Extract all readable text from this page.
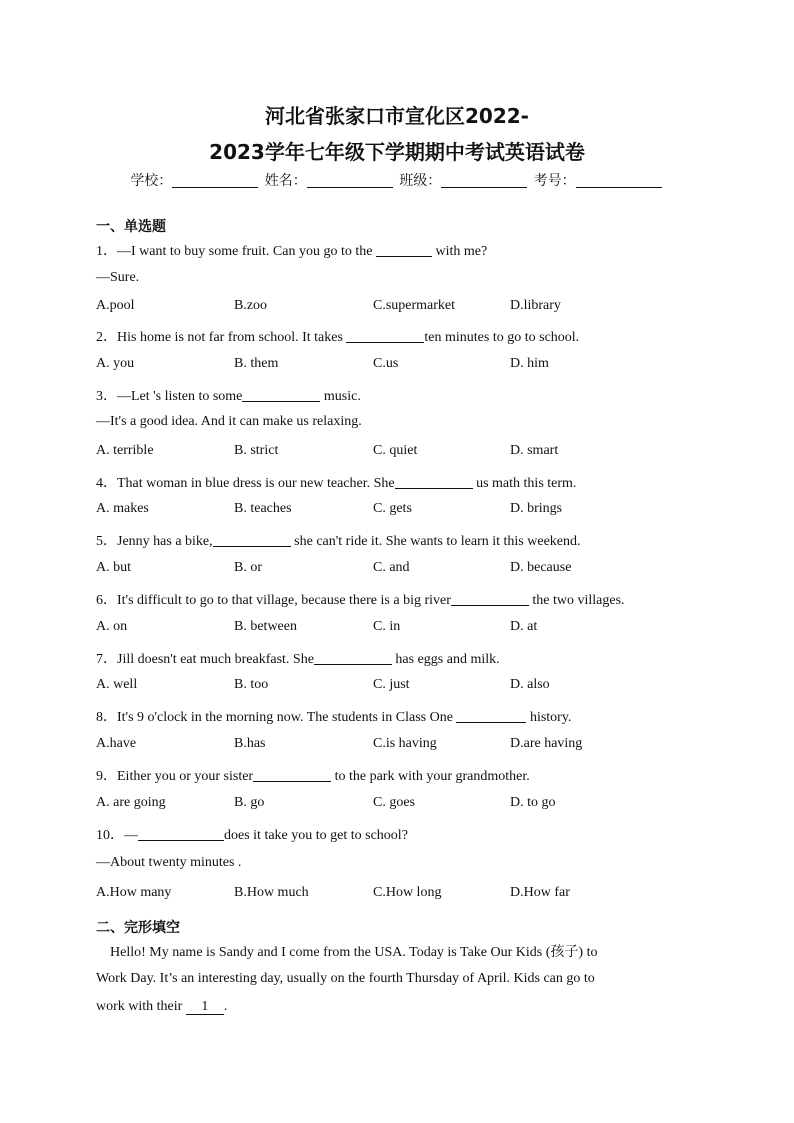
河北省张家口市宣化区2022-
2023学年七年级下学期期中考试英语试卷
学校：	姓名：	班级：	考号：
一、单选题
1．—I want to buy some fruit. Can you go to the	with me?
—Sure.
A.pool	B.zoo	C.supermarket	D.library
2．His home is not far from school. It takes	ten minutes to go to school.
A. you	B. them	C.us	D. him
3．—Let 's listen to some	music.
—It's a good idea. And it can make us relaxing.
A. terrible	B. strict	C. quiet	D. smart
4．That woman in blue dress is our new teacher. She	us math this term.
A. makes	B. teaches	C. gets	D. brings
5．Jenny has a bike,	she can't ride it. She wants to learn it this weekend.
A. but	B. or	C. and	D. because
6．It's difficult to go to that village, because there is a big river	the two villages.
A. on	B. between	C. in	D. at
7．Jill doesn't eat much breakfast. She	has eggs and milk.
A. well	B. too	C. just	D. also
8．It's 9 o'clock in the morning now. The students in Class One	history.
A.have	B.has	C.is having	D.are having
9．Either you or your sister	to the park with your grandmother.
A. are going	B. go	C. goes	D. to go
10．—	does it take you to get to school?
—About twenty minutes .
A.How many	B.How much	C.How long	D.How far
二、完形填空
Hello! My name is Sandy and I come from the USA. Today is Take Our Kids (孩子) to
Work Day. It’s an interesting day, usually on the fourth Thursday of April. Kids can go to
work with their 1 .
